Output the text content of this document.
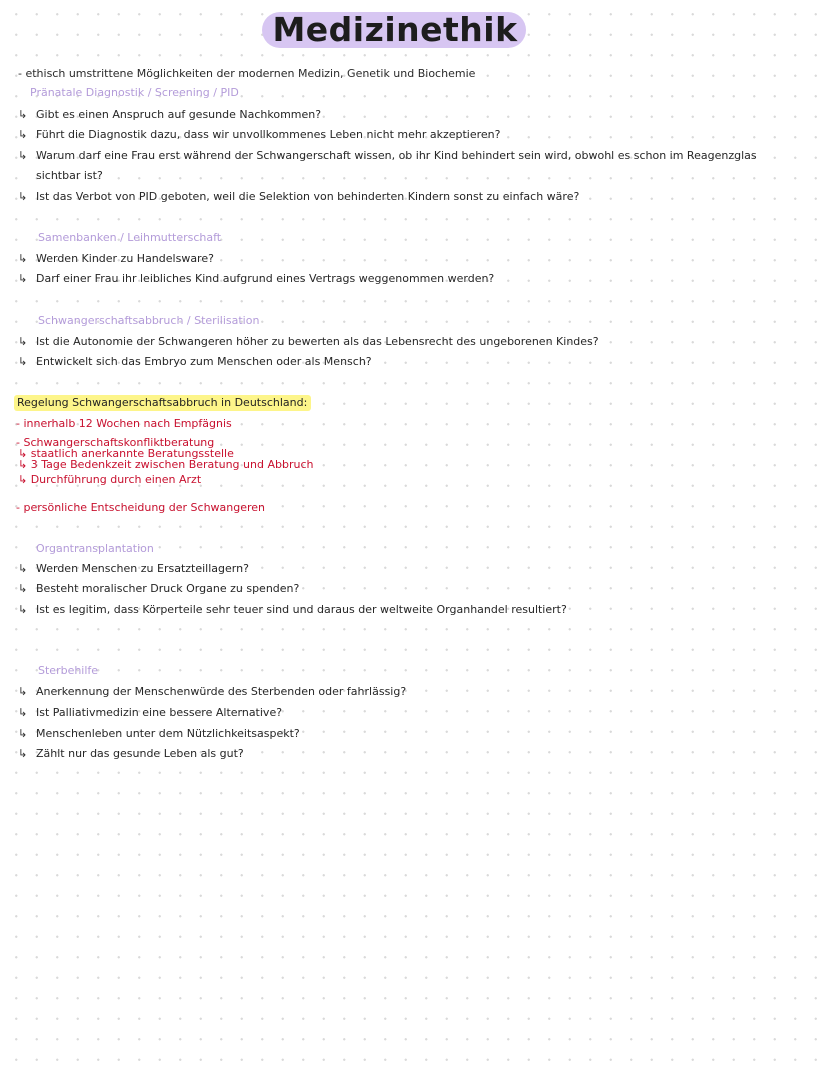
Medizinethik
- ethisch umstrittene Möglichkeiten der modernen Medizin, Genetik und Biochemie
Pränatale Diagnostik / Screening / PID
↳ Gibt es einen Anspruch auf gesunde Nachkommen?
↳ Führt die Diagnostik dazu, dass wir unvollkommenes Leben nicht mehr akzeptieren?
↳ Warum darf eine Frau erst während der Schwangerschaft wissen, ob ihr Kind behindert sein wird, obwohl es schon im Reagenzglas
sichtbar ist?
↳ Ist das Verbot von PID geboten, weil die Selektion von behinderten Kindern sonst zu einfach wäre?
Samenbanken / Leihmutterschaft
↳ Werden Kinder zu Handelsware?
↳ Darf einer Frau ihr leibliches Kind aufgrund eines Vertrags weggenommen werden?
Schwangerschaftsabbruch / Sterilisation
↳ Ist die Autonomie der Schwangeren höher zu bewerten als das Lebensrecht des ungeborenen Kindes?
↳ Entwickelt sich das Embryo zum Menschen oder als Mensch?
Regelung Schwangerschaftsabbruch in Deutschland:
- innerhalb 12 Wochen nach Empfägnis
- Schwangerschaftskonfliktberatung
↳ staatlich anerkannte Beratungsstelle
↳ 3 Tage Bedenkzeit zwischen Beratung und Abbruch
↳ Durchführung durch einen Arzt
- persönliche Entscheidung der Schwangeren
Organtransplantation
↳ Werden Menschen zu Ersatzteillagern?
↳ Besteht moralischer Druck Organe zu spenden?
↳ Ist es legitim, dass Körperteile sehr teuer sind und daraus der weltweite Organhandel resultiert?
Sterbehilfe
↳ Anerkennung der Menschenwürde des Sterbenden oder fahrlässig?
↳ Ist Palliativmedizin eine bessere Alternative?
↳ Menschenleben unter dem Nützlichkeitsaspekt?
↳ Zählt nur das gesunde Leben als gut?
